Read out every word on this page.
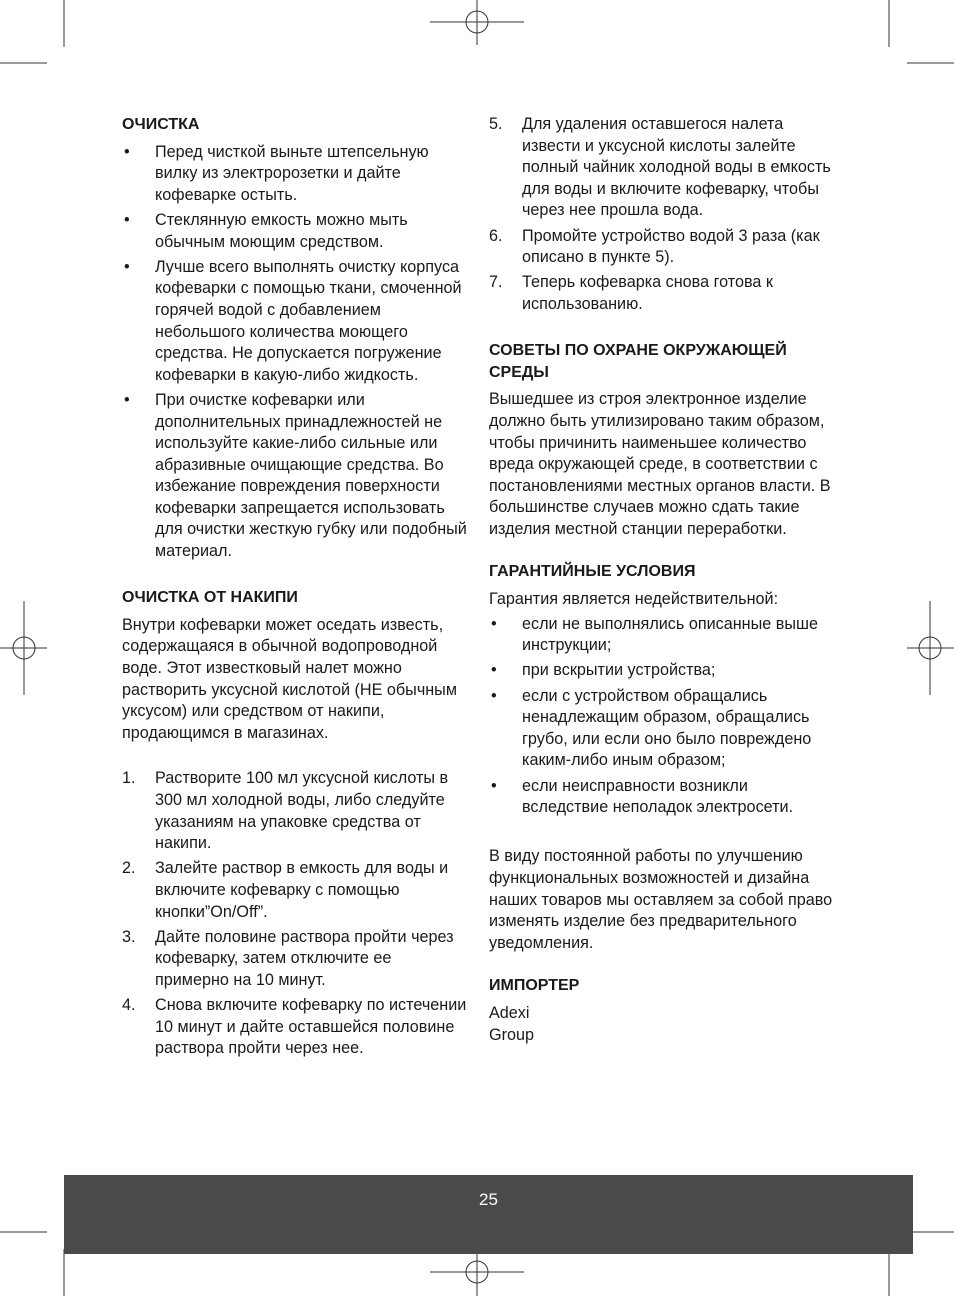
ОЧИСТКА
• Перед чисткой выньте штепсельную вилку из электророзетки и дайте кофеварке остыть.
• Стеклянную емкость можно мыть обычным моющим средством.
• Лучше всего выполнять очистку корпуса кофеварки с помощью ткани, смоченной горячей водой с добавлением небольшого количества моющего средства. Не допускается погружение кофеварки в какую-либо жидкость.
• При очистке кофеварки или дополнительных принадлежностей не используйте какие-либо сильные или абразивные очищающие средства. Во избежание повреждения поверхности кофеварки запрещается использовать для очистки жесткую губку или подобный материал.
ОЧИСТКА ОТ НАКИПИ

Внутри кофеварки может оседать известь, содержащаяся в обычной водопроводной воде. Этот известковый налет можно растворить уксусной кислотой (НЕ обычным уксусом) или средством от накипи, продающимся в магазинах.

1. Растворите 100 мл уксусной кислоты в 300 мл холодной воды, либо следуйте указаниям на упаковке средства от накипи.
2. Залейте раствор в емкость для воды и включите кофеварку с помощью кнопки”On/Off”.
3. Дайте половине раствора пройти через кофеварку, затем отключите ее примерно на 10 минут.
4. Снова включите кофеварку по истечении 10 минут и дайте оставшейся половине раствора пройти через нее.
5. Для удаления оставшегося налета извести и уксусной кислоты залейте полный чайник холодной воды в емкость для воды и включите кофеварку, чтобы через нее прошла вода.
6. Промойте устройство водой 3 раза (как описано в пункте 5).
7. Теперь кофеварка снова готова к использованию.
СОВЕТЫ ПО ОХРАНЕ ОКРУЖАЮЩЕЙ СРЕДЫ

Вышедшее из строя электронное изделие должно быть утилизировано таким образом, чтобы причинить наименьшее количество вреда окружающей среде, в соответствии с постановлениями местных органов власти. В большинстве случаев можно сдать такие изделия местной станции переработки.

ГАРАНТИЙНЫЕ УСЛОВИЯ

Гарантия является недействительной:

• если не выполнялись описанные выше инструкции;
• при вскрытии устройства;
• если с устройством обращались ненадлежащим образом, обращались грубо, или если оно было повреждено каким-либо иным образом;
• если неисправности возникли вследствие неполадок электросети.

В виду постоянной работы по улучшению функциональных возможностей и дизайна наших товаров мы оставляем за собой право изменять изделие без предварительного уведомления.

ИМПОРТЕР

Adexi

Group

25
